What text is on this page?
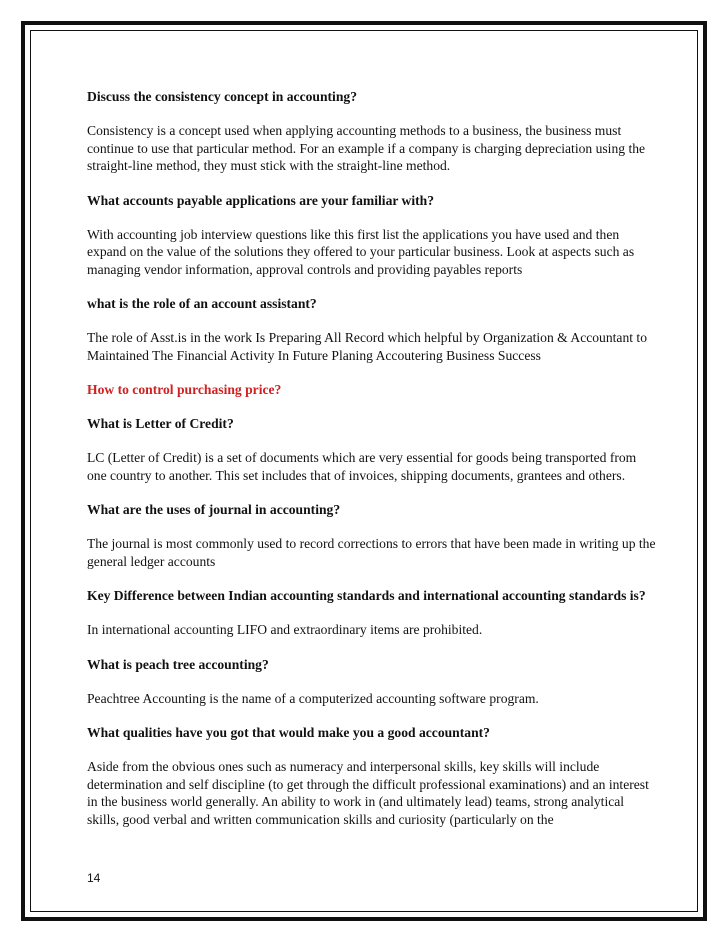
Discuss the consistency concept in accounting?

Consistency is a concept used when applying accounting methods to a business, the business must continue to use that particular method. For an example if a company is charging depreciation using the straight-line method, they must stick with the straight-line method.

What accounts payable applications are your familiar with?

With accounting job interview questions like this first list the applications you have used and then expand on the value of the solutions they offered to your particular business. Look at aspects such as managing vendor information, approval controls and providing payables reports

what is the role of an account assistant?

The role of Asst.is in the work Is Preparing All Record which helpful by Organization & Accountant to Maintained The Financial Activity In Future Planing Accoutering Business Success

How to control purchasing price?

What is Letter of Credit?

LC (Letter of Credit) is a set of documents which are very essential for goods being transported from one country to another. This set includes that of invoices, shipping documents, grantees and others.

What are the uses of journal in accounting?

The journal is most commonly used to record corrections to errors that have been made in writing up the general ledger accounts

Key Difference between Indian accounting standards and international accounting standards is?

In international accounting LIFO and extraordinary items are prohibited.

What is peach tree accounting?

Peachtree Accounting is the name of a computerized accounting software program.

What qualities have you got that would make you a good accountant?

Aside from the obvious ones such as numeracy and interpersonal skills, key skills will include determination and self discipline (to get through the difficult professional examinations) and an interest in the business world generally. An ability to work in (and ultimately lead) teams, strong analytical skills, good verbal and written communication skills and curiosity (particularly on the

14
